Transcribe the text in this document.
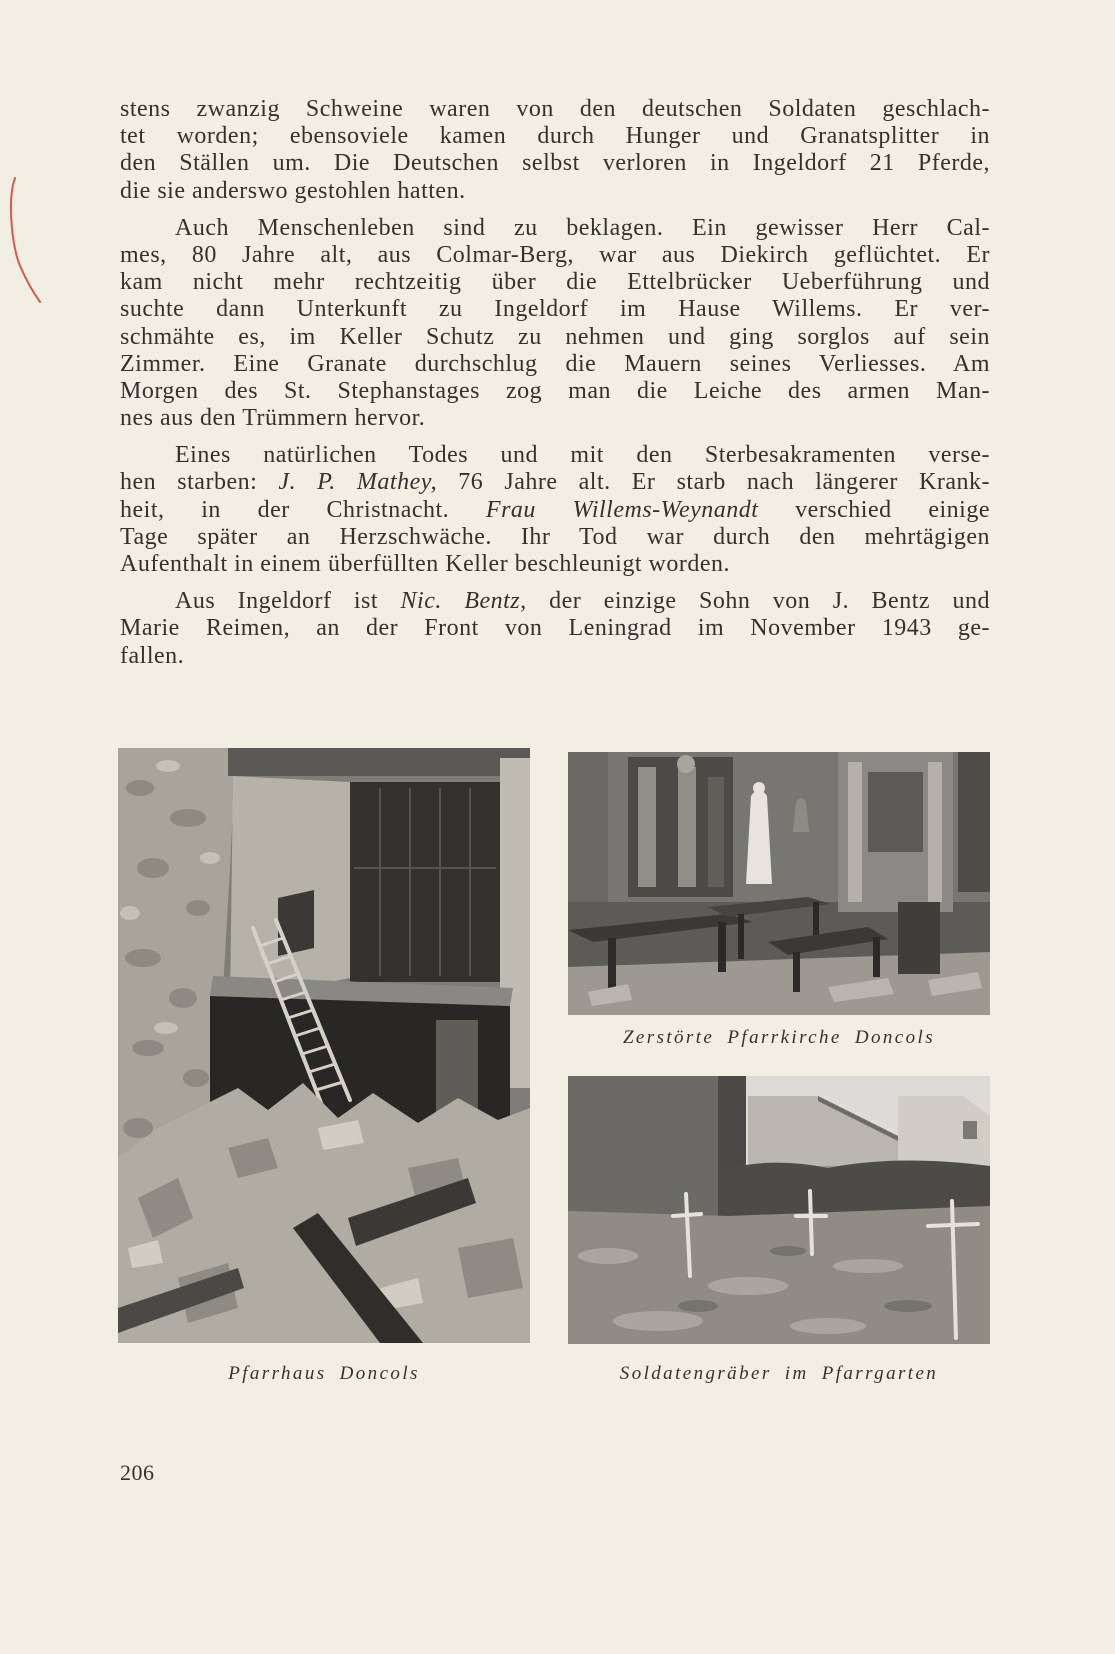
stens zwanzig Schweine waren von den deutschen Soldaten geschlach-
tet worden; ebensoviele kamen durch Hunger und Granatsplitter in
den Ställen um. Die Deutschen selbst verloren in Ingeldorf 21 Pferde,
die sie anderswo gestohlen hatten.
Auch Menschenleben sind zu beklagen. Ein gewisser Herr Cal-
mes, 80 Jahre alt, aus Colmar-Berg, war aus Diekirch geflüchtet. Er
kam nicht mehr rechtzeitig über die Ettelbrücker Ueberführung und
suchte dann Unterkunft zu Ingeldorf im Hause Willems. Er ver-
schmähte es, im Keller Schutz zu nehmen und ging sorglos auf sein
Zimmer. Eine Granate durchschlug die Mauern seines Verliesses. Am
Morgen des St. Stephanstages zog man die Leiche des armen Man-
nes aus den Trümmern hervor.
Eines natürlichen Todes und mit den Sterbesakramenten verse-
hen starben: J. P. Mathey, 76 Jahre alt. Er starb nach längerer Krank-
heit, in der Christnacht. Frau Willems-Weynandt verschied einige
Tage später an Herzschwäche. Ihr Tod war durch den mehrtägigen
Aufenthalt in einem überfüllten Keller beschleunigt worden.
Aus Ingeldorf ist Nic. Bentz, der einzige Sohn von J. Bentz und
Marie Reimen, an der Front von Leningrad im November 1943 ge-
fallen.
Pfarrhaus Doncols
Zerstörte Pfarrkirche Doncols
Soldatengräber im Pfarrgarten
206
